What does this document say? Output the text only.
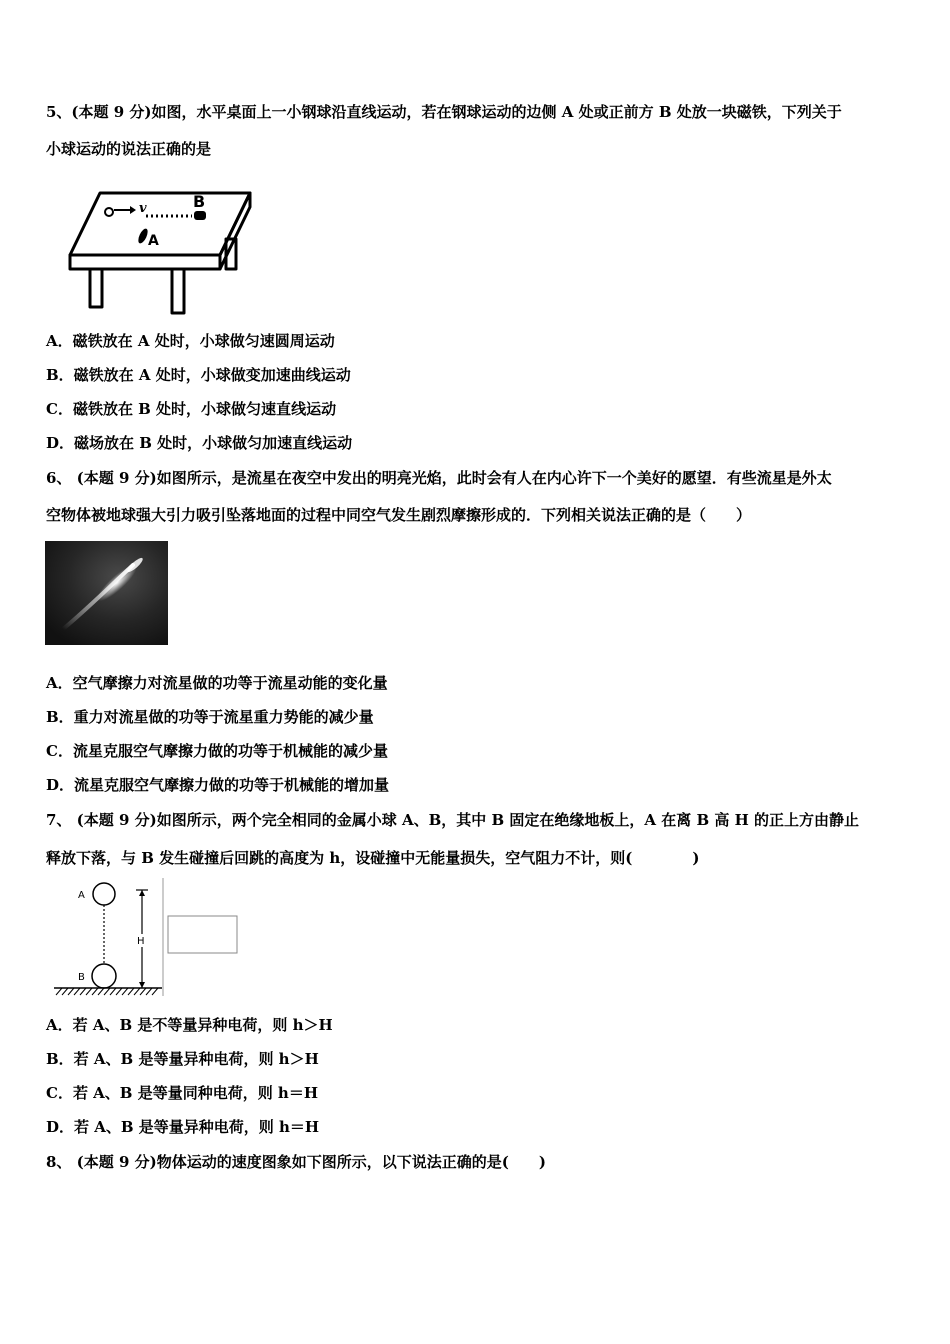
5、(本题 9 分)如图，水平桌面上一小钢球沿直线运动，若在钢球运动的边侧 A 处或正前方 B 处放一块磁铁，下列关于
小球运动的说法正确的是
v	B
A
A．磁铁放在 A 处时，小球做匀速圆周运动
B．磁铁放在 A 处时，小球做变加速曲线运动
C．磁铁放在 B 处时，小球做匀速直线运动
D．磁场放在 B 处时，小球做匀加速直线运动
6、 (本题 9 分)如图所示，是流星在夜空中发出的明亮光焰，此时会有人在内心许下一个美好的愿望．有些流星是外太
空物体被地球强大引力吸引坠落地面的过程中同空气发生剧烈摩擦形成的．下列相关说法正确的是（　　）
A．空气摩擦力对流星做的功等于流星动能的变化量
B．重力对流星做的功等于流星重力势能的减少量
C．流星克服空气摩擦力做的功等于机械能的减少量
D．流星克服空气摩擦力做的功等于机械能的增加量
7、 (本题 9 分)如图所示，两个完全相同的金属小球 A、B，其中 B 固定在绝缘地板上，A 在离 B 高 H 的正上方由静止
释放下落，与 B 发生碰撞后回跳的高度为 h，设碰撞中无能量损失，空气阻力不计，则(　　　　)
A
B
H
A．若 A、B 是不等量异种电荷，则 h＞H
B．若 A、B 是等量异种电荷，则 h＞H
C．若 A、B 是等量同种电荷，则 h＝H
D．若 A、B 是等量异种电荷，则 h＝H
8、 (本题 9 分)物体运动的速度图象如下图所示，以下说法正确的是(　　)
